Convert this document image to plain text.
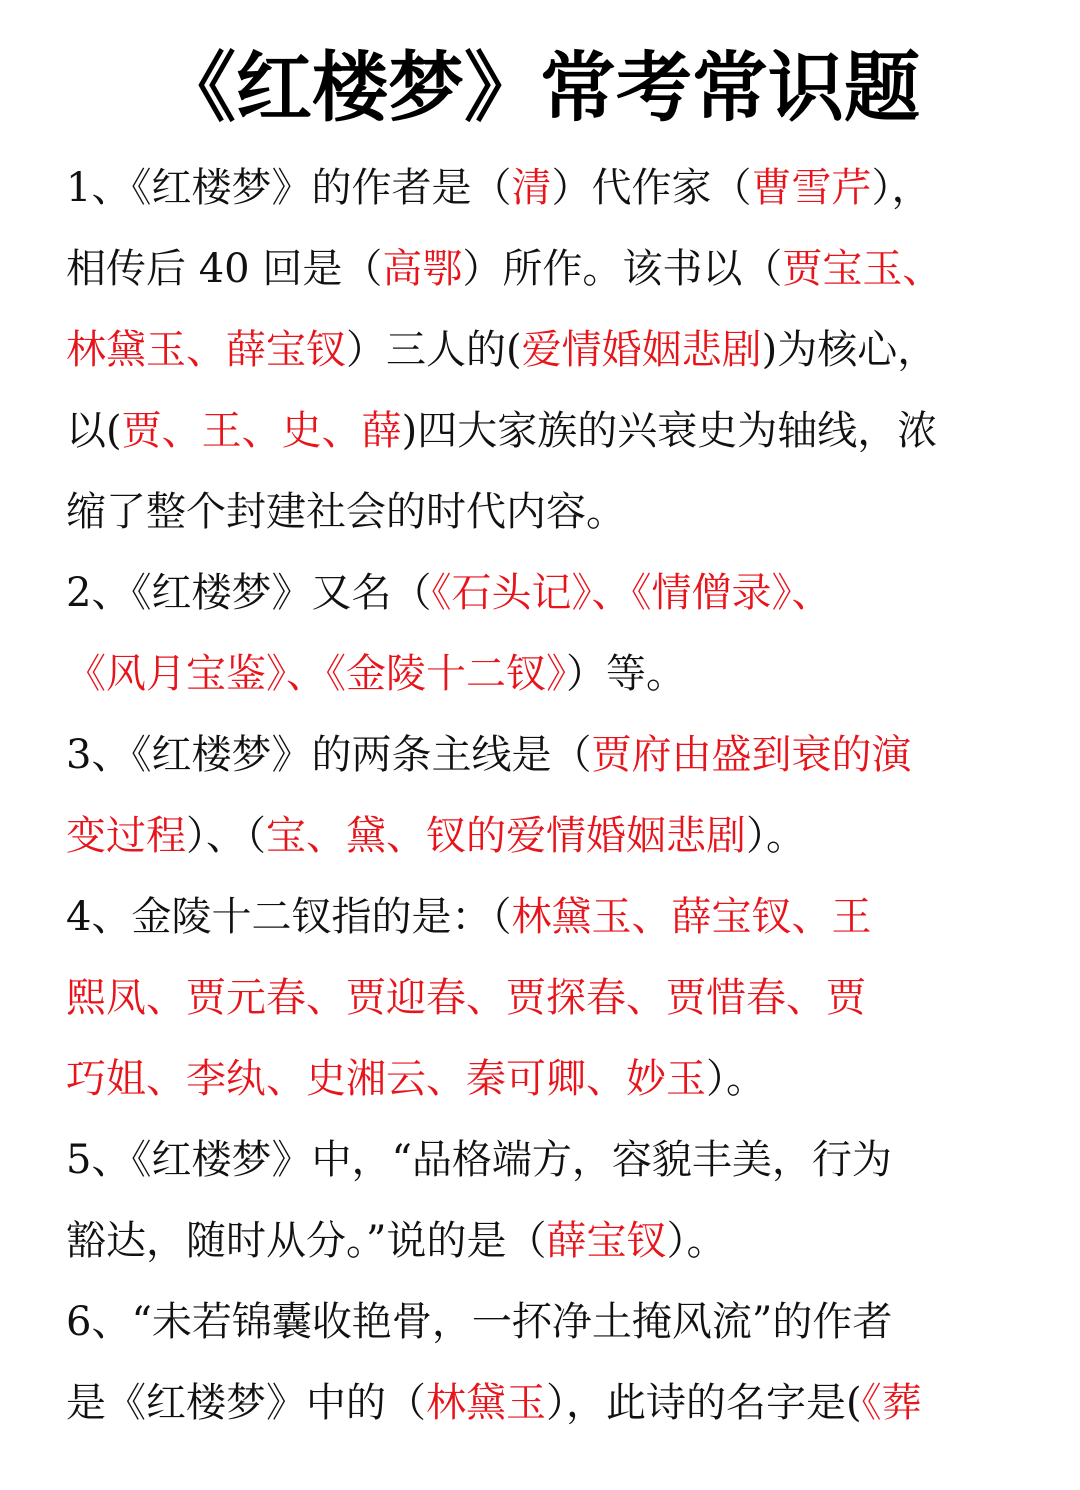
《红楼梦》常考常识题
1、《红楼梦》的作者是（清）代作家（曹雪芹），
相传后 40 回是（高鄂）所作。该书以（贾宝玉、
林黛玉、薛宝钗）三人的(爱情婚姻悲剧)为核心，
以(贾、王、史、薛)四大家族的兴衰史为轴线，浓
缩了整个封建社会的时代内容。
2、《红楼梦》又名（《石头记》、《情僧录》、
《风月宝鉴》、《金陵十二钗》）等。
3、《红楼梦》的两条主线是（贾府由盛到衰的演
变过程）、（宝、黛、钗的爱情婚姻悲剧）。
4、金陵十二钗指的是：（林黛玉、薛宝钗、王
熙凤、贾元春、贾迎春、贾探春、贾惜春、贾
巧姐、李纨、史湘云、秦可卿、妙玉）。
5、《红楼梦》中，“品格端方，容貌丰美，行为
豁达，随时从分。”说的是（薛宝钗）。
6、“未若锦囊收艳骨，一抔净土掩风流”的作者
是《红楼梦》中的（林黛玉），此诗的名字是(《葬
